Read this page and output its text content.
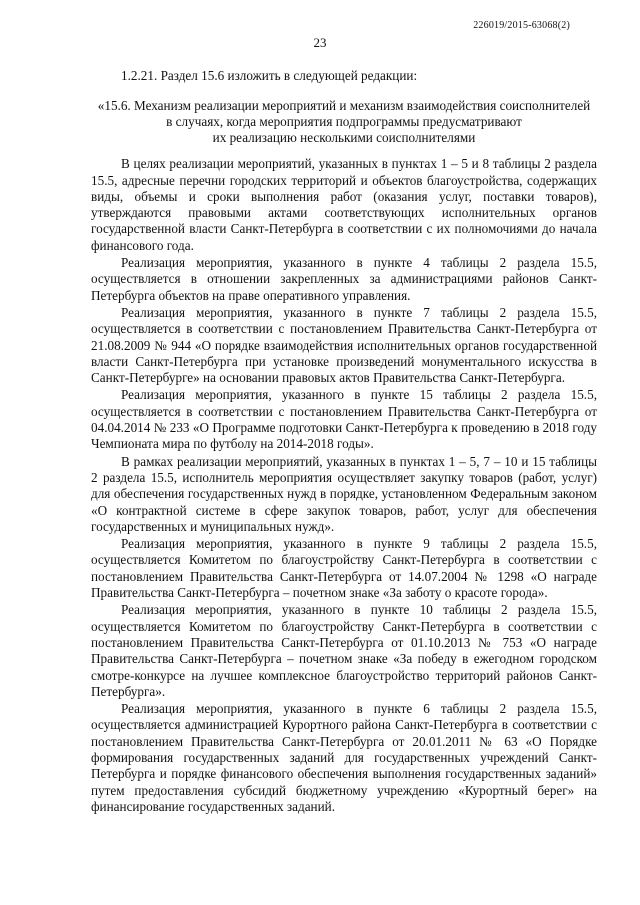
226019/2015-63068(2)
23

1.2.21. Раздел 15.6 изложить в следующей редакции:

«15.6. Механизм реализации мероприятий и механизм взаимодействия соисполнителей
в случаях, когда мероприятия подпрограммы предусматривают
их реализацию несколькими соисполнителями

В целях реализации мероприятий, указанных в пунктах 1 – 5 и 8 таблицы 2 раздела 15.5, адресные перечни городских территорий и объектов благоустройства, содержащих виды, объемы и сроки выполнения работ (оказания услуг, поставки товаров), утверждаются правовыми актами соответствующих исполнительных органов государственной власти Санкт-Петербурга в соответствии с их полномочиями до начала финансового года.

Реализация мероприятия, указанного в пункте 4 таблицы 2 раздела 15.5, осуществляется в отношении закрепленных за администрациями районов Санкт-Петербурга объектов на праве оперативного управления.

Реализация мероприятия, указанного в пункте 7 таблицы 2 раздела 15.5, осуществляется в соответствии с постановлением Правительства Санкт-Петербурга от 21.08.2009 № 944 «О порядке взаимодействия исполнительных органов государственной власти Санкт-Петербурга при установке произведений монументального искусства в Санкт-Петербурге» на основании правовых актов Правительства Санкт-Петербурга.

Реализация мероприятия, указанного в пункте 15 таблицы 2 раздела 15.5, осуществляется в соответствии с постановлением Правительства Санкт-Петербурга от 04.04.2014 № 233 «О Программе подготовки Санкт-Петербурга к проведению в 2018 году Чемпионата мира по футболу на 2014-2018 годы».

В рамках реализации мероприятий, указанных в пунктах 1 – 5, 7 – 10 и 15 таблицы 2 раздела 15.5, исполнитель мероприятия осуществляет закупку товаров (работ, услуг) для обеспечения государственных нужд в порядке, установленном Федеральным законом «О контрактной системе в сфере закупок товаров, работ, услуг для обеспечения государственных и муниципальных нужд».

Реализация мероприятия, указанного в пункте 9 таблицы 2 раздела 15.5, осуществляется Комитетом по благоустройству Санкт-Петербурга в соответствии с постановлением Правительства Санкт-Петербурга от 14.07.2004 № 1298 «О награде Правительства Санкт-Петербурга – почетном знаке «За заботу о красоте города».

Реализация мероприятия, указанного в пункте 10 таблицы 2 раздела 15.5, осуществляется Комитетом по благоустройству Санкт-Петербурга в соответствии с постановлением Правительства Санкт-Петербурга от 01.10.2013 № 753 «О награде Правительства Санкт-Петербурга – почетном знаке «За победу в ежегодном городском смотре-конкурсе на лучшее комплексное благоустройство территорий районов Санкт-Петербурга».

Реализация мероприятия, указанного в пункте 6 таблицы 2 раздела 15.5, осуществляется администрацией Курортного района Санкт-Петербурга в соответствии с постановлением Правительства Санкт-Петербурга от 20.01.2011 № 63 «О Порядке формирования государственных заданий для государственных учреждений Санкт-Петербурга и порядке финансового обеспечения выполнения государственных заданий» путем предоставления субсидий бюджетному учреждению «Курортный берег» на финансирование государственных заданий.
